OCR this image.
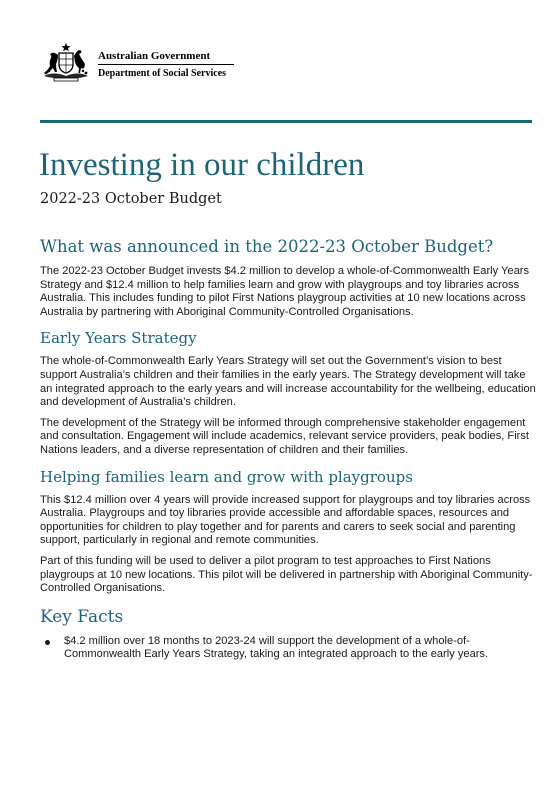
Australian Government
Department of Social Services
Investing in our children
2022-23 October Budget
What was announced in the 2022-23 October Budget?

The 2022-23 October Budget invests $4.2 million to develop a whole-of-Commonwealth Early Years Strategy and $12.4 million to help families learn and grow with playgroups and toy libraries across Australia. This includes funding to pilot First Nations playgroup activities at 10 new locations across Australia by partnering with Aboriginal Community-Controlled Organisations.

Early Years Strategy

The whole-of-Commonwealth Early Years Strategy will set out the Government’s vision to best support Australia’s children and their families in the early years. The Strategy development will take an integrated approach to the early years and will increase accountability for the wellbeing, education and development of Australia’s children.

The development of the Strategy will be informed through comprehensive stakeholder engagement and consultation. Engagement will include academics, relevant service providers, peak bodies, First Nations leaders, and a diverse representation of children and their families.

Helping families learn and grow with playgroups

This $12.4 million over 4 years will provide increased support for playgroups and toy libraries across Australia. Playgroups and toy libraries provide accessible and affordable spaces, resources and opportunities for children to play together and for parents and carers to seek social and parenting support, particularly in regional and remote communities.

Part of this funding will be used to deliver a pilot program to test approaches to First Nations playgroups at 10 new locations. This pilot will be delivered in partnership with Aboriginal Community-Controlled Organisations.

Key Facts
$4.2 million over 18 months to 2023-24 will support the development of a whole-of-Commonwealth Early Years Strategy, taking an integrated approach to the early years.
